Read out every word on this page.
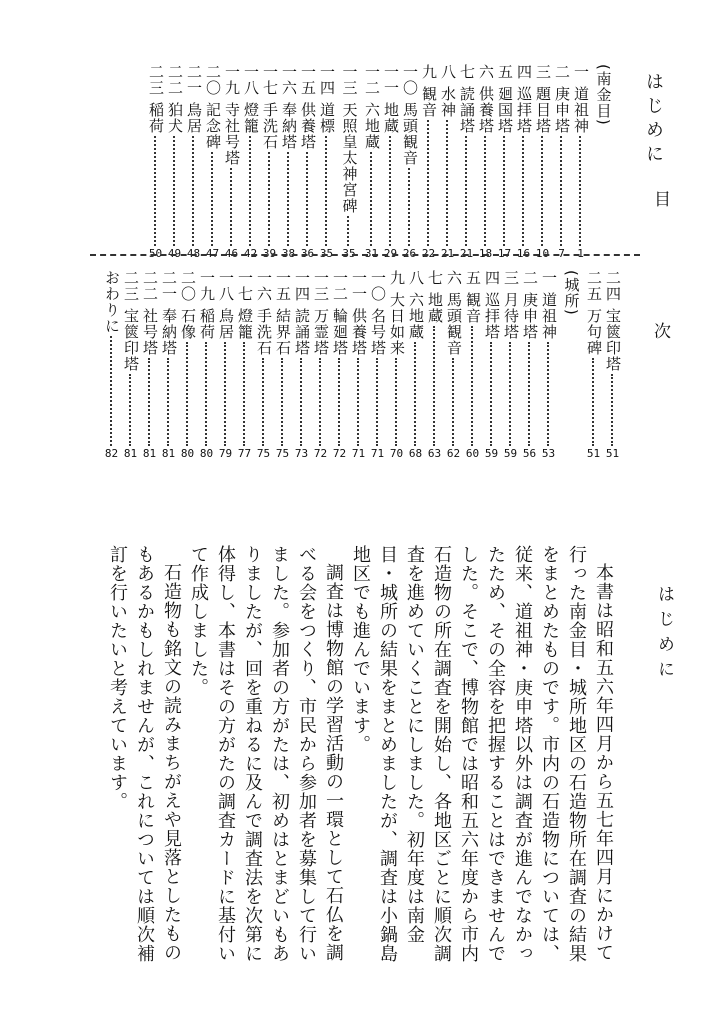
はじめに
目
次
(南金目)
一 道祖神
1
二 庚申塔
7
三 題目塔
10
四 巡拝塔
16
五 廻国塔
17
六 供養塔
18
七 読誦塔
21
八 水神
21
九 観音
22
一〇 馬頭観音
26
一一 地蔵
29
一二 六地蔵
31
一三 天照皇太神宮碑
35
一四 道標
35
一五 供養塔
36
一六 奉納塔
38
一七 手洗石
39
一八 燈籠
42
一九 寺社号塔
46
二〇 記念碑
47
二一 鳥居
48
二二 狛犬
49
二三 稲荷
50
二四 宝篋印塔
51
二五 万句碑
51
(城所)
一 道祖神
53
二 庚申塔
56
三 月待塔
59
四 巡拝塔
59
五 観音
60
六 馬頭観音
62
七 地蔵
63
八 六地蔵
68
九 大日如来
70
一〇 名号塔
71
一一 供養塔
71
一二 輪廻塔
72
一三 万霊塔
72
一四 読誦塔
73
一五 結界石
75
一六 手洗石
75
一七 燈籠
77
一八 鳥居
79
一九 稲荷
80
二〇 石像
80
二一 奉納塔
81
二二 社号塔
81
二三 宝篋印塔
81
おわりに
82
はじめに

本書は昭和五六年四月から五七年四月にかけて行った南金目・城所地区の石造物所在調査の結果をまとめたものです。市内の石造物については、従来、道祖神・庚申塔以外は調査が進んでなかったため、その全容を把握することはできませんでした。そこで、博物館では昭和五六年度から市内石造物の所在調査を開始し、各地区ごとに順次調査を進めていくことにしました。初年度は南金目・城所の結果をまとめましたが、調査は小鍋島地区でも進んでいます。

調査は博物館の学習活動の一環として石仏を調べる会をつくり、市民から参加者を募集して行いました。参加者の方がたは、初めはとまどいもありましたが、回を重ねるに及んで調査法を次第に体得し、本書はその方がたの調査カードに基付いて作成しました。

石造物も銘文の読みまちがえや見落としたものもあるかもしれませんが、これについては順次補訂を行いたいと考えています。
